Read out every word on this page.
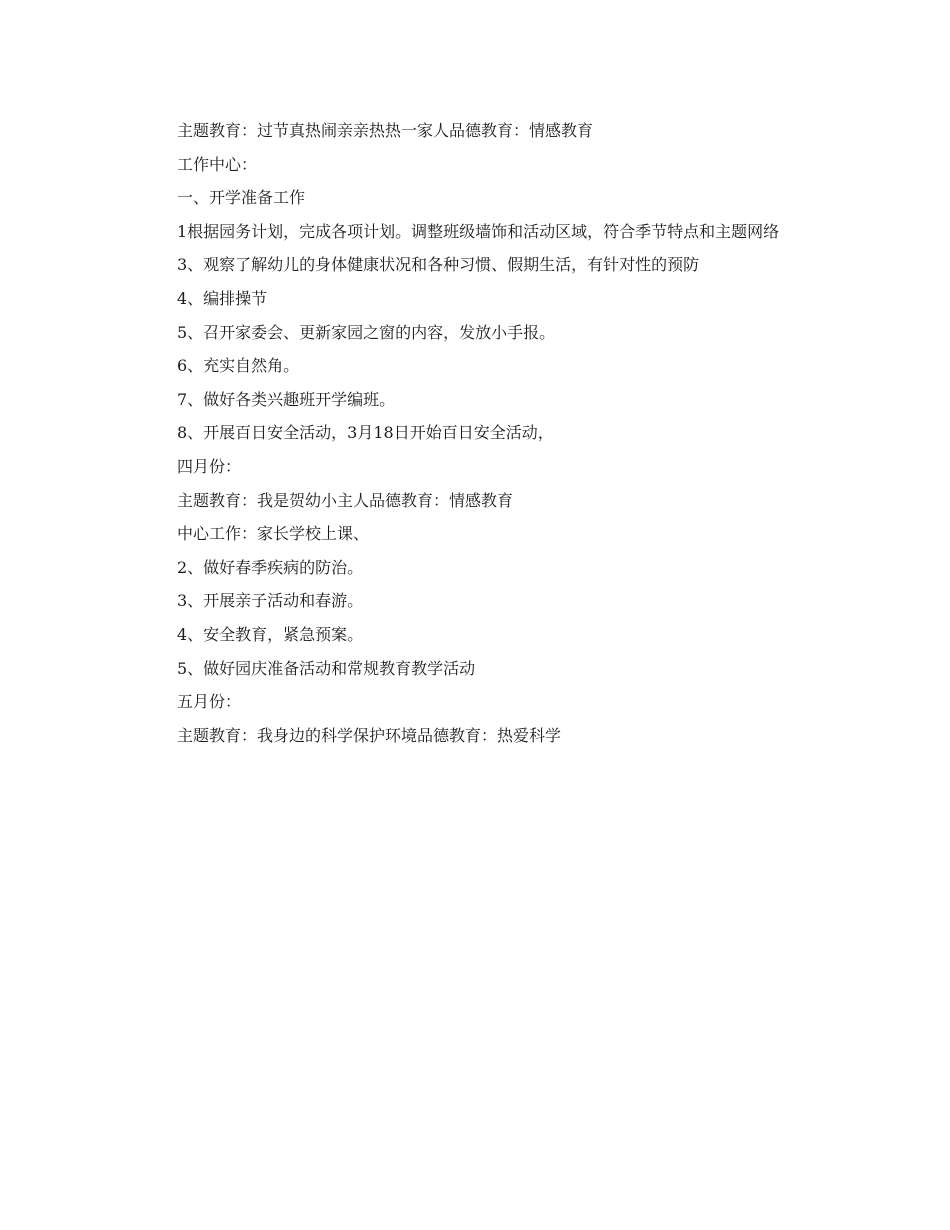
主题教育：过节真热闹亲亲热热一家人品德教育：情感教育

工作中心：

一、开学准备工作

1根据园务计划，完成各项计划。调整班级墙饰和活动区域，符合季节特点和主题网络

3、观察了解幼儿的身体健康状况和各种习惯、假期生活，有针对性的预防

4、编排操节

5、召开家委会、更新家园之窗的内容，发放小手报。

6、充实自然角。

7、做好各类兴趣班开学编班。

8、开展百日安全活动，3月18日开始百日安全活动，

四月份：

主题教育：我是贺幼小主人品德教育：情感教育

中心工作：家长学校上课、

2、做好春季疾病的防治。

3、开展亲子活动和春游。

4、安全教育，紧急预案。

5、做好园庆准备活动和常规教育教学活动

五月份：

主题教育：我身边的科学保护环境品德教育：热爱科学
